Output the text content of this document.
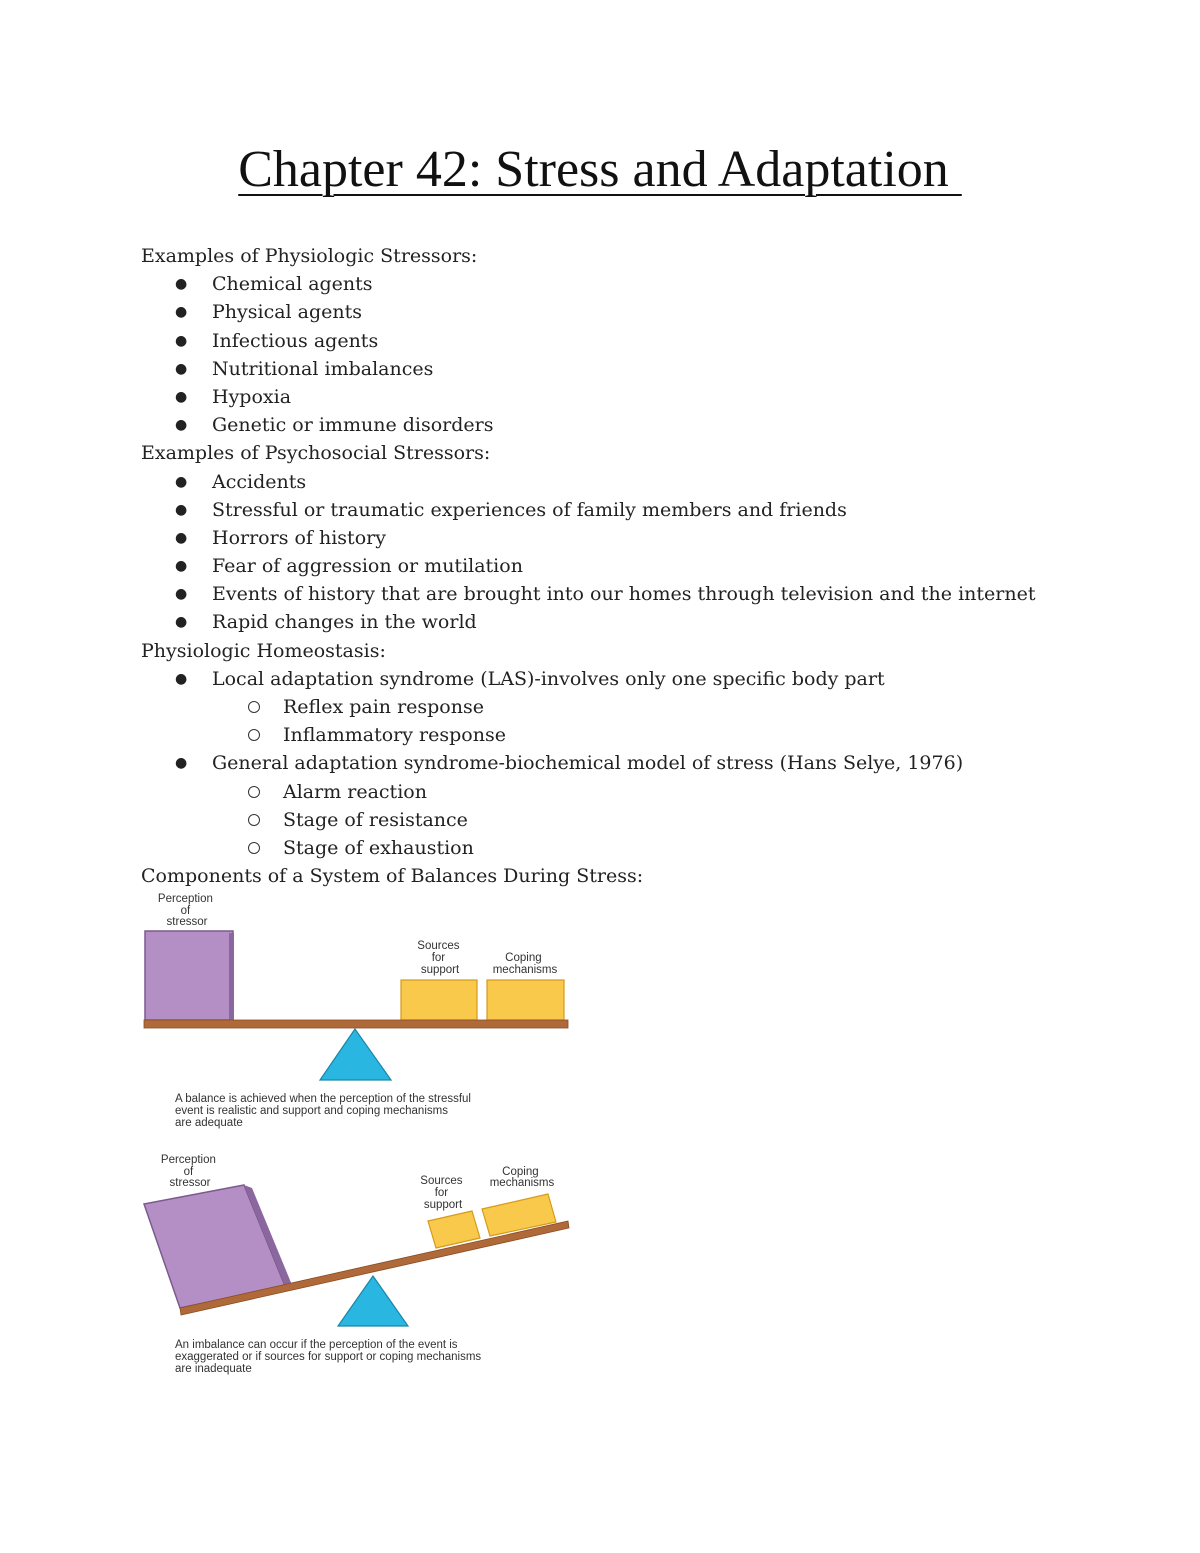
Chapter 42: Stress and Adaptation
Examples of Physiologic Stressors:
● Chemical agents
● Physical agents
● Infectious agents
● Nutritional imbalances
● Hypoxia
● Genetic or immune disorders
Examples of Psychosocial Stressors:
● Accidents
● Stressful or traumatic experiences of family members and friends
● Horrors of history
● Fear of aggression or mutilation
● Events of history that are brought into our homes through television and the internet
● Rapid changes in the world
Physiologic Homeostasis:
● Local adaptation syndrome (LAS)-involves only one specific body part
Reflex pain response
Inflammatory response
● General adaptation syndrome-biochemical model of stress (Hans Selye, 1976)
Alarm reaction
Stage of resistance
Stage of exhaustion
Components of a System of Balances During Stress:
Perception of stressor
Sources for support
Coping mechanisms
A balance is achieved when the perception of the stressful event is realistic and support and coping mechanisms are adequate
Perception of stressor	Sources for support
Coping mechanisms
An imbalance can occur if the perception of the event is exaggerated or if sources for support or coping mechanisms are inadequate
